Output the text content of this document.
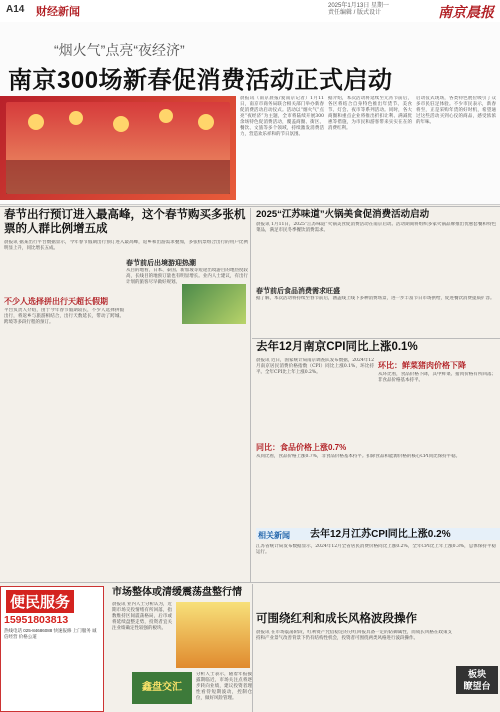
A14 财经新闻	2025年1月13日 星期一
责任编辑 / 版式设计	南京晨报
“烟火气”点亮“夜经济”
南京300场新春促消费活动正式启动
晨报讯（南京晨报/爱南京记者）1月11日，南京市商务局联合相关部门举办新春促消费活动启动仪式。活动以“烟火气”点亮“夜经济”为主题，全市将陆续开展300余场特色促消费活动，覆盖商圈、街区、餐饮、文旅等多个领域，持续激发消费活力，营造欢乐祥和的节日氛围。
据介绍，本次活动将延续至元宵节前后，各区将结合自身特色推出年货节、美食节、灯会、夜市等系列活动。同时，各大商圈和重点企业将推出折扣让利、满减优惠等措施，为市民和游客带来实实在在的消费红利。
启动仪式现场，各类特色展位吸引了众多市民驻足体验。不少市民表示，新春将至，正是采购年货的好时机，希望通过这些活动买到心仪的商品，感受浓浓的年味。
春节出行预订进入最高峰，这个春节购买多张机票的人群比例增五成
晨报讯 据某出行平台数据显示，今年春节假期出行预订进入最高峰，返乡和出游需求叠加，多张机票组合出行的用户比例明显上升，同比增长五成。
不少人选择拼出行天超长假期
平台负责人介绍，由于今年春节假期较长，不少人选择拼假出行，将返乡与旅游相结合，出行天数延长，带动了跨城、跨境等多段行程的预订。
春节前后出境游迎热潮
从目的地看，日本、泰国、新加坡等短途出境游目的地热度较高，长线目的地预订量也有明显增长。业内人士建议，有出行计划的旅客尽早做好规划。
2025“江苏味道”火锅美食促消费活动启动
晨报讯 1月11日，2025“江苏味道”火锅美食促消费活动在南京启动。活动期间将组织多家火锅品牌推出优惠套餐和特色菜品，满足市民冬季餐饮消费需求。
春节前后食品消费需求旺盛
据了解，本次活动将持续至春节前后，涵盖线上线下多种消费场景，进一步丰富节日市场供给，促进餐饮消费提质扩容。
去年12月南京CPI同比上涨0.1%
晨报讯 近日，国家统计局南京调查队发布数据，2024年12月南京居民消费价格指数（CPI）同比上涨0.1%，环比持平。全年CPI比上年上涨0.2%。
环比：鲜菜猪肉价格下降
从环比看，食品价格下降，其中鲜菜、猪肉价格有所回落；非食品价格基本持平。
同比：食品价格上涨0.7%
从同比看，食品价格上涨0.7%，非食品价格基本持平。扣除食品和能源价格的核心CPI同比保持平稳。
相关新闻 去年12月江苏CPI同比上涨0.2%
江苏省统计局发布数据显示，2024年12月全省居民消费价格同比上涨0.2%，全年CPI比上年上涨0.3%，总体保持平稳运行。
便民服务
15951803813
热线电话 025-84686088 快速报修 上门服务 诚信经营 价格公道
市场整体或清缓震荡盘整行情
晨报讯 业内人士分析认为，近期市场交投情绪有所回落，指数维持区间震荡格局，后市或将延续盘整走势，投资者宜关注业绩确定性较强的板块。
鑫盘交汇
分析人士表示，随着年报披露期临近，市场关注点将逐步转向业绩，建议投资者理性看待短期波动，控制仓位，做好风险管理。
可围绕红利和成长风格波段操作
晨报讯 在市场震荡阶段，红利资产凭借稳定的分红回报具备一定的防御属性，而成长风格在政策支持和产业景气改善背景下仍有结构性机会，投资者可围绕两类风格进行波段操作。
板块
瞭望台
